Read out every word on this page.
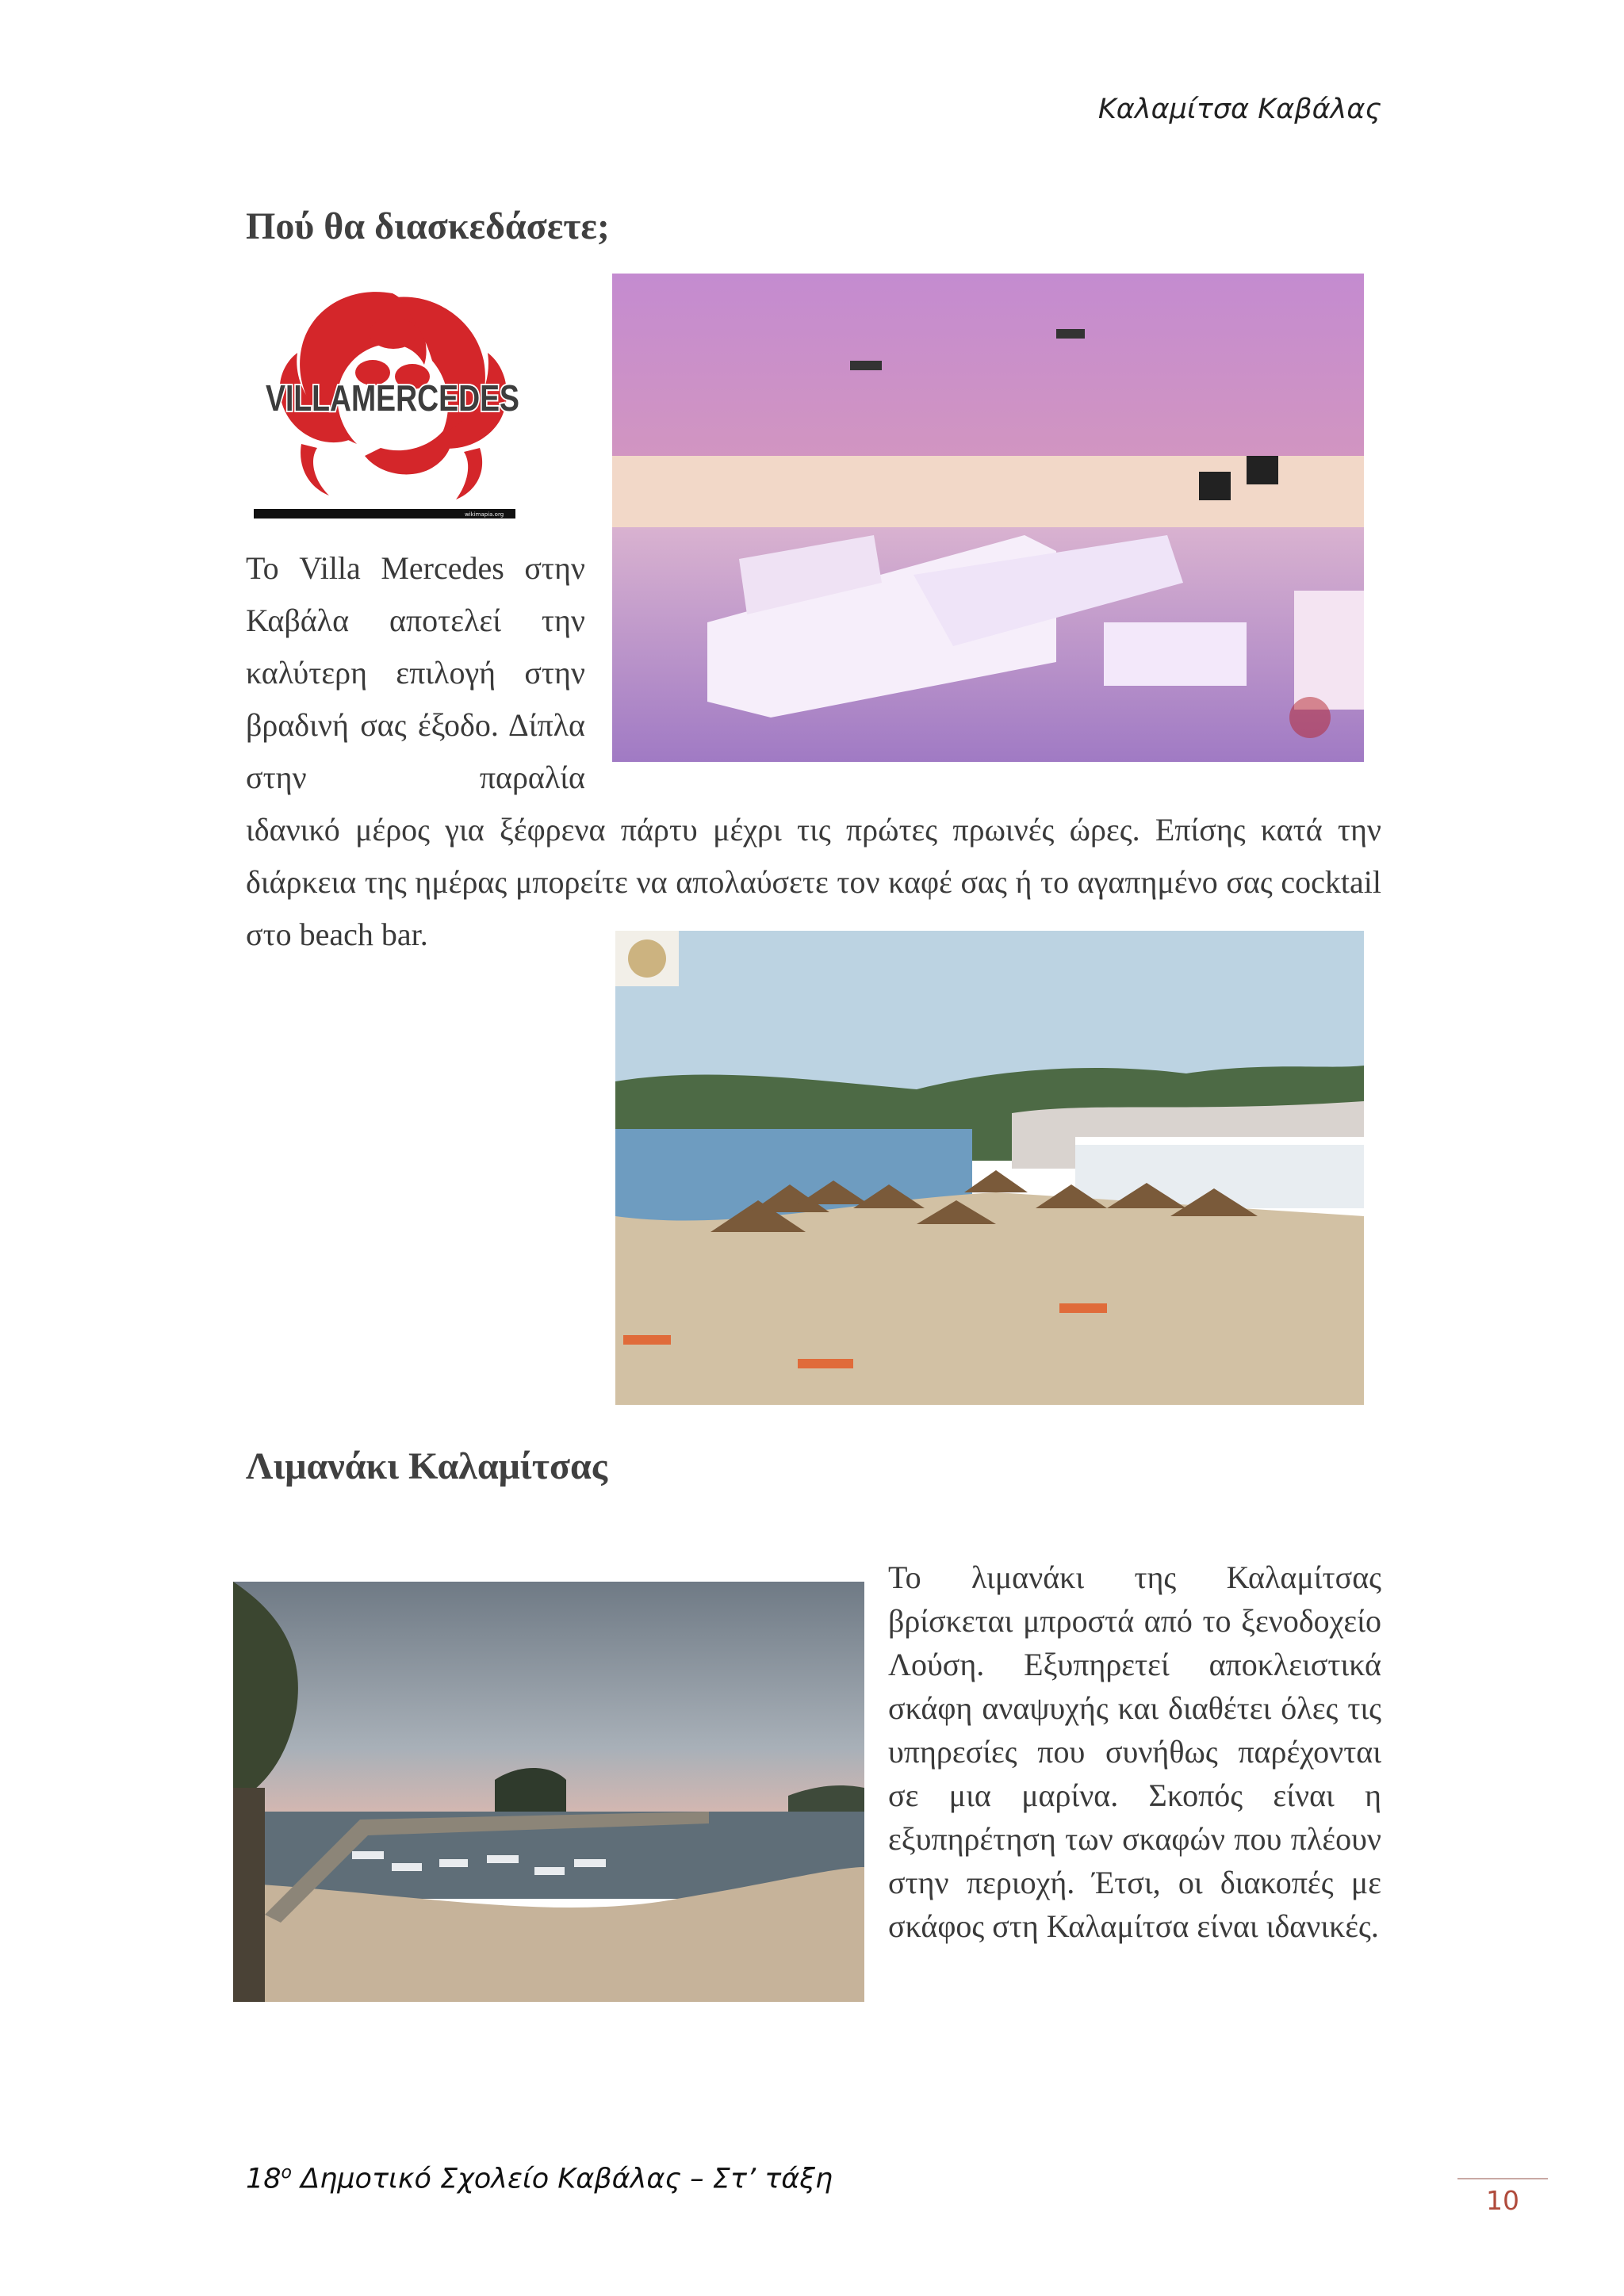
Καλαμίτσα Καβάλας
Πού θα διασκεδάσετε;
wikimapia.org
VILLAMERCEDES

Το Villa Mercedes στην Καβάλα αποτελεί την καλύτερη επιλογή στην βραδινή σας έξοδο. Δίπλα στην παραλία

ιδανικό μέρος για ξέφρενα πάρτυ μέχρι τις πρώτες πρωινές ώρες. Επίσης κατά την διάρκεια της ημέρας μπορείτε να απολαύσετε τον καφέ σας ή το αγαπημένο σας cocktail στο beach bar.

Λιμανάκι Καλαμίτσας

Το λιμανάκι της Καλαμίτσας βρίσκεται μπροστά από το ξενοδοχείο Λούση. Εξυπηρετεί αποκλειστικά σκάφη αναψυχής και διαθέτει όλες τις υπηρεσίες που συνήθως παρέχονται σε μια μαρίνα. Σκοπός είναι η εξυπηρέτηση των σκαφών που πλέουν στην περιοχή. Έτσι, οι διακοπές με σκάφος στη Καλαμίτσα είναι ιδανικές.

$18^o$ Δημοτικό Σχολείο Καβάλας – Στ’ τάξη
10
